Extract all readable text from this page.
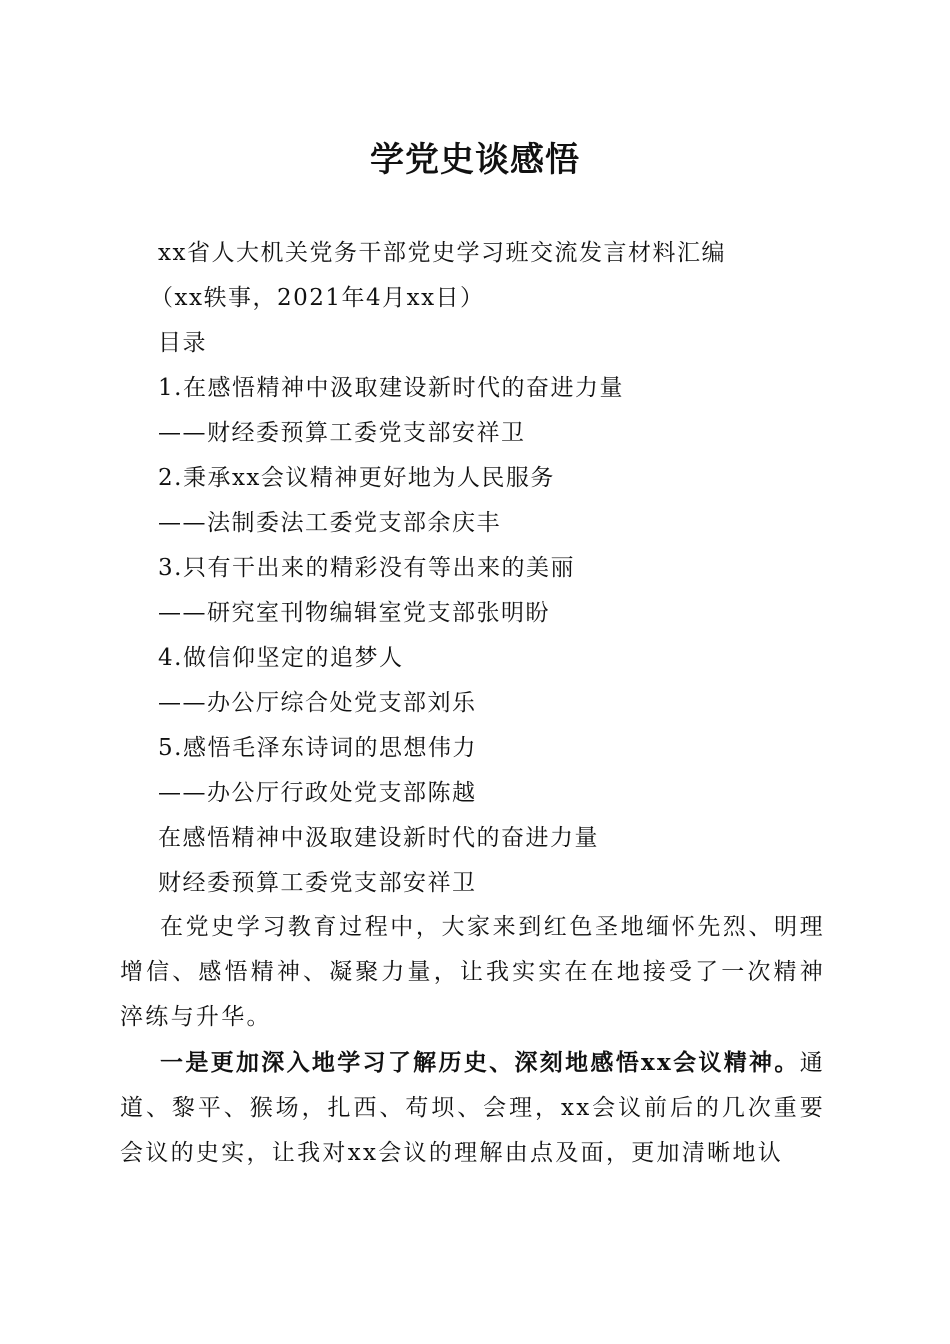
学党史谈感悟
xx省人大机关党务干部党史学习班交流发言材料汇编
（xx轶事，2021年4月xx日）
目录
1.在感悟精神中汲取建设新时代的奋进力量
——财经委预算工委党支部安祥卫
2.秉承xx会议精神更好地为人民服务
——法制委法工委党支部余庆丰
3.只有干出来的精彩没有等出来的美丽
——研究室刊物编辑室党支部张明盼
4.做信仰坚定的追梦人
——办公厅综合处党支部刘乐
5.感悟毛泽东诗词的思想伟力
——办公厅行政处党支部陈越
在感悟精神中汲取建设新时代的奋进力量
财经委预算工委党支部安祥卫
在党史学习教育过程中，大家来到红色圣地缅怀先烈、明理增信、感悟精神、凝聚力量，让我实实在在地接受了一次精神淬练与升华。
一是更加深入地学习了解历史、深刻地感悟xx会议精神。通道、黎平、猴场，扎西、苟坝、会理，xx会议前后的几次重要会议的史实，让我对xx会议的理解由点及面，更加清晰地认
